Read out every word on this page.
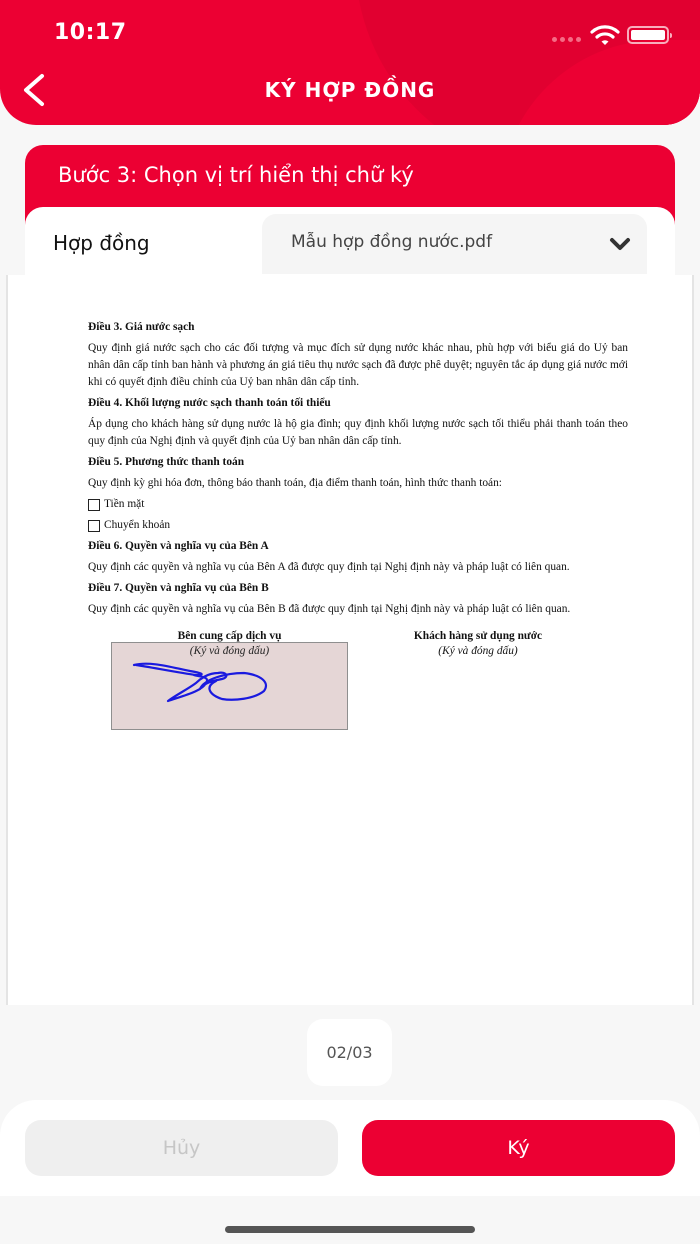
10:17
KÝ HỢP ĐỒNG
Bước 3: Chọn vị trí hiển thị chữ ký
Hợp đồng	Mẫu hợp đồng nước.pdf
Điều 3. Giá nước sạch
Quy định giá nước sạch cho các đối tượng và mục đích sử dụng nước khác nhau, phù hợp với biểu giá do Uỷ ban nhân dân cấp tỉnh ban hành và phương án giá tiêu thụ nước sạch đã được phê duyệt; nguyên tắc áp dụng giá nước mới khi có quyết định điều chỉnh của Uỷ ban nhân dân cấp tỉnh.
Điều 4. Khối lượng nước sạch thanh toán tối thiểu
Áp dụng cho khách hàng sử dụng nước là hộ gia đình; quy định khối lượng nước sạch tối thiểu phải thanh toán theo quy định của Nghị định và quyết định của Uỷ ban nhân dân cấp tỉnh.
Điều 5. Phương thức thanh toán
Quy định kỳ ghi hóa đơn, thông báo thanh toán, địa điểm thanh toán, hình thức thanh toán:
Tiền mặt
Chuyển khoản
Điều 6. Quyền và nghĩa vụ của Bên A
Quy định các quyền và nghĩa vụ của Bên A đã được quy định tại Nghị định này và pháp luật có liên quan.
Điều 7. Quyền và nghĩa vụ của Bên B
Quy định các quyền và nghĩa vụ của Bên B đã được quy định tại Nghị định này và pháp luật có liên quan.
Bên cung cấp dịch vụ
(Ký và đóng dấu)
Khách hàng sử dụng nước
(Ký và đóng dấu)
02/03
Hủy	Ký
